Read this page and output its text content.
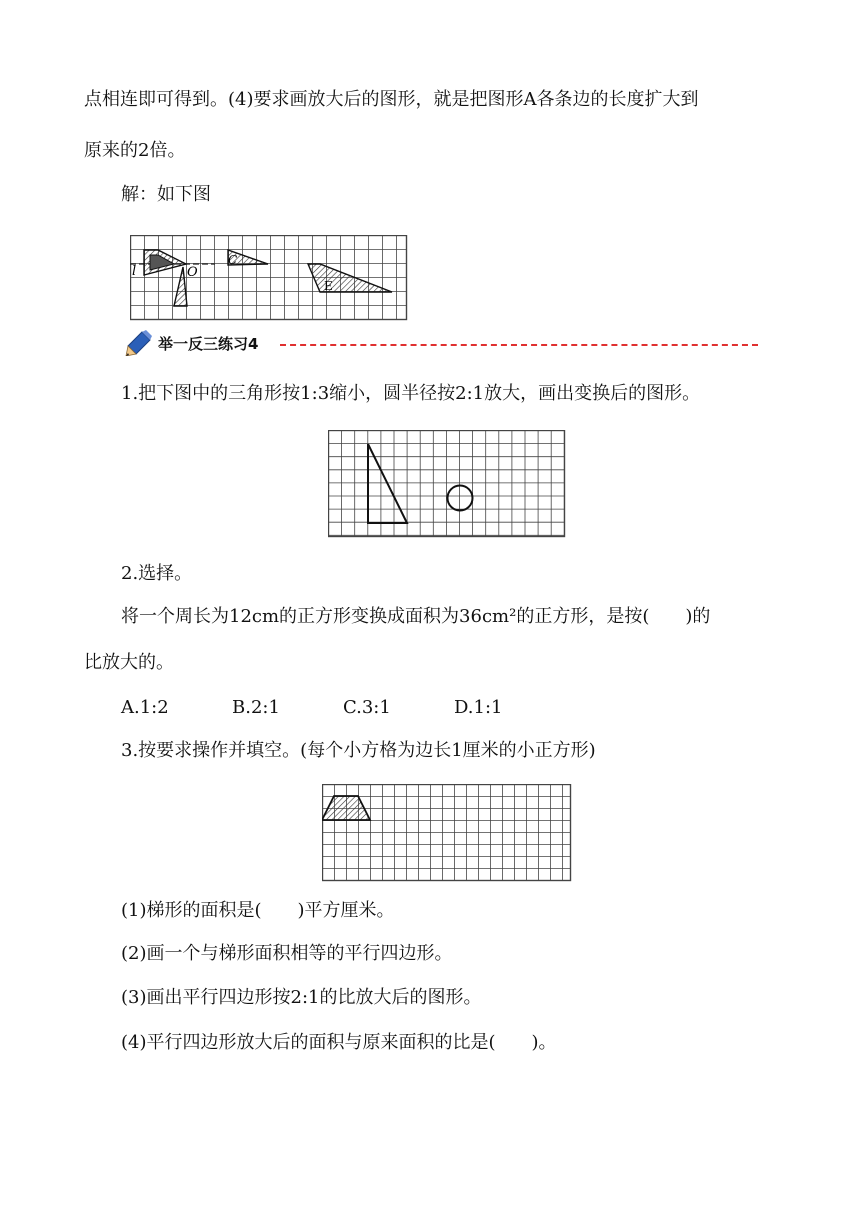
点相连即可得到。(4)要求画放大后的图形，就是把图形A各条边的长度扩大到
原来的2倍。
解：如下图
l	O
C
E
举一反三练习4
1.把下图中的三角形按1:3缩小，圆半径按2:1放大，画出变换后的图形。
2.选择。
将一个周长为12cm的正方形变换成面积为36cm²的正方形，是按(　　)的
比放大的。
A.1:2	B.2:1	C.3:1	D.1:1
3.按要求操作并填空。(每个小方格为边长1厘米的小正方形)
(1)梯形的面积是(　　)平方厘米。
(2)画一个与梯形面积相等的平行四边形。
(3)画出平行四边形按2:1的比放大后的图形。
(4)平行四边形放大后的面积与原来面积的比是(　　)。
